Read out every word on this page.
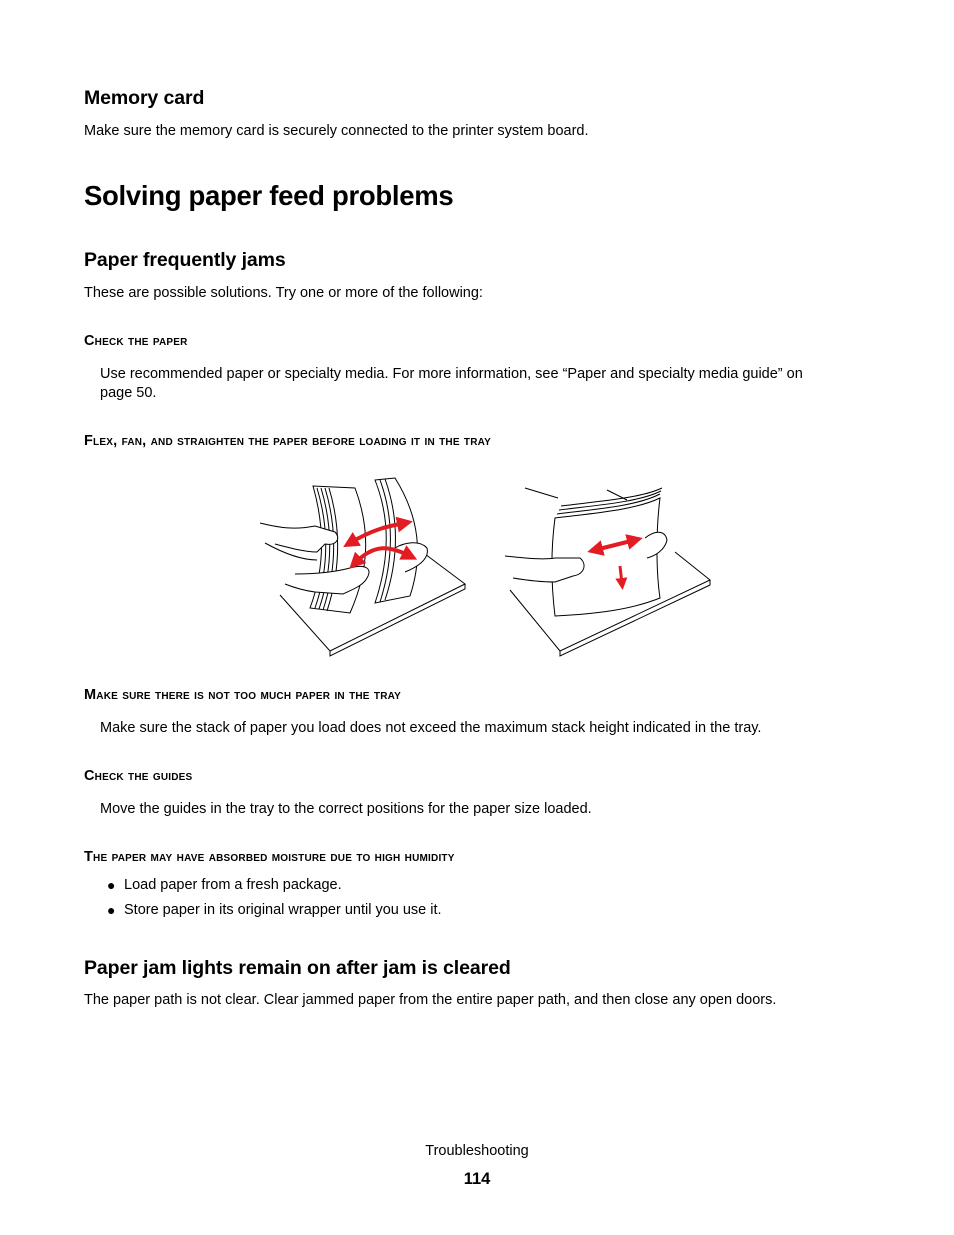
Memory card

Make sure the memory card is securely connected to the printer system board.

Solving paper feed problems
Paper frequently jams

These are possible solutions. Try one or more of the following:

Check the paper

Use recommended paper or specialty media. For more information, see “Paper and specialty media guide” on

page 50.

Flex, fan, and straighten the paper before loading it in the tray
Make sure there is not too much paper in the tray

Make sure the stack of paper you load does not exceed the maximum stack height indicated in the tray.

Check the guides

Move the guides in the tray to the correct positions for the paper size loaded.

The paper may have absorbed moisture due to high humidity
● Load paper from a fresh package.
● Store paper in its original wrapper until you use it.
Paper jam lights remain on after jam is cleared

The paper path is not clear. Clear jammed paper from the entire paper path, and then close any open doors.

Troubleshooting
114
